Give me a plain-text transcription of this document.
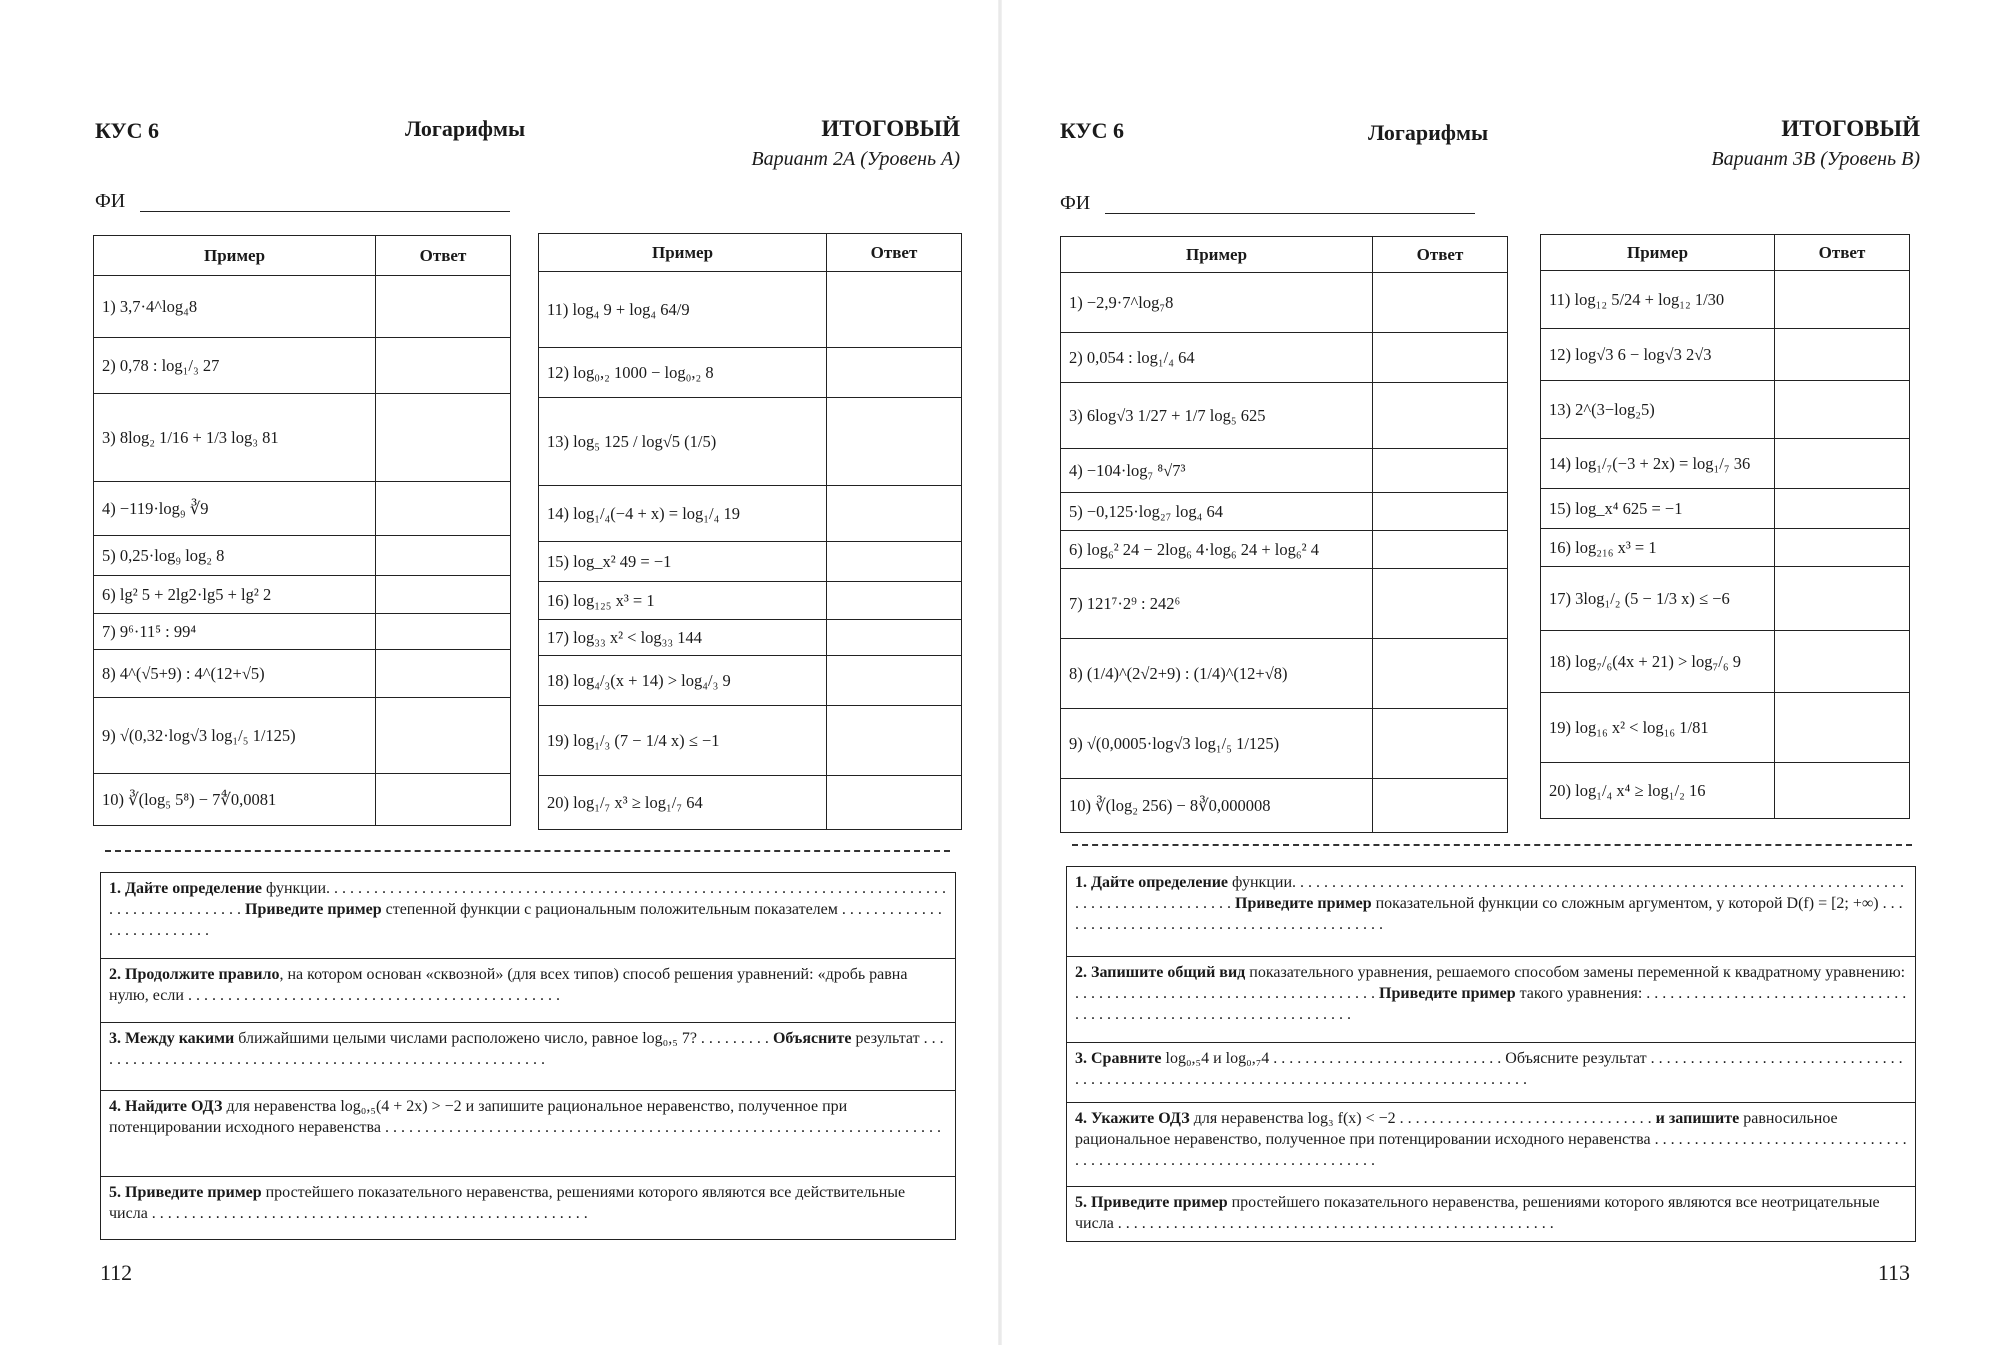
КУС 6	Логарифмы	ИТОГОВЫЙ
Вариант 2А (Уровень А)
ФИ
Пример	Ответ
1) 3,7·4^log₄8	
2) 0,78 : log₁/₃ 27	
3) 8log₂ 1/16 + 1/3 log₃ 81	
4) −119·log₉ ∛9	
5) 0,25·log₉ log₂ 8	
6) lg² 5 + 2lg2·lg5 + lg² 2	
7) 9⁶·11⁵ : 99⁴	
8) 4^(√5+9) : 4^(12+√5)	
9) √(0,32·log√3 log₁/₅ 1/125)	
10) ∛(log₅ 5⁸) − 7∜0,0081	
Пример	Ответ
11) log₄ 9 + log₄ 64/9	
12) log₀,₂ 1000 − log₀,₂ 8	
13) log₅ 125 / log√5 (1/5)	
14) log₁/₄(−4 + x) = log₁/₄ 19	
15) log_x² 49 = −1	
16) log₁₂₅ x³ = 1	
17) log₃₃ x² < log₃₃ 144	
18) log₄/₃(x + 14) > log₄/₃ 9	
19) log₁/₃ (7 − 1/4 x) ≤ −1	
20) log₁/₇ x³ ≥ log₁/₇ 64	
1. Дайте определение функции. . . . . . . . . . . . . . . . . . . . . . . . . . . . . . . . . . . . . . . . . . . . . . . . . . . . . . . . . . . . . . . . . . . . . . . . . . . . . . . . . . . . . . . . . . . . . . . Приведите пример степенной функции с рациональным положительным показателем . . . . . . . . . . . . . . . . . . . . . . . . . .
2. Продолжите правило, на котором основан «сквозной» (для всех типов) способ решения уравнений: «дробь равна нулю, если . . . . . . . . . . . . . . . . . . . . . . . . . . . . . . . . . . . . . . . . . . . . . . .
3. Между какими ближайшими целыми числами расположено число, равное log₀,₅ 7? . . . . . . . . . Объясните результат . . . . . . . . . . . . . . . . . . . . . . . . . . . . . . . . . . . . . . . . . . . . . . . . . . . . . . . . . .
4. Найдите ОДЗ для неравенства log₀,₅(4 + 2x) > −2 и запишите рациональное неравенство, полученное при потенцировании исходного неравенства . . . . . . . . . . . . . . . . . . . . . . . . . . . . . . . . . . . . . . . . . . . . . . . . . . . . . . . . . . . . . . . . . . . . . .
5. Приведите пример простейшего показательного неравенства, решениями которого являются все действительные числа . . . . . . . . . . . . . . . . . . . . . . . . . . . . . . . . . . . . . . . . . . . . . . . . . . . . . . .
112
КУС 6	Логарифмы	ИТОГОВЫЙ
Вариант 3В (Уровень В)
ФИ
Пример	Ответ
1) −2,9·7^log₇8	
2) 0,054 : log₁/₄ 64	
3) 6log√3 1/27 + 1/7 log₅ 625	
4) −104·log₇ ⁸√7³	
5) −0,125·log₂₇ log₄ 64	
6) log₆² 24 − 2log₆ 4·log₆ 24 + log₆² 4	
7) 121⁷·2⁹ : 242⁶	
8) (1/4)^(2√2+9) : (1/4)^(12+√8)	
9) √(0,0005·log√3 log₁/₅ 1/125)	
10) ∛(log₂ 256) − 8∛0,000008	
Пример	Ответ
11) log₁₂ 5/24 + log₁₂ 1/30	
12) log√3 6 − log√3 2√3	
13) 2^(3−log₂5)	
14) log₁/₇(−3 + 2x) = log₁/₇ 36	
15) log_x⁴ 625 = −1	
16) log₂₁₆ x³ = 1	
17) 3log₁/₂ (5 − 1/3 x) ≤ −6	
18) log₇/₆(4x + 21) > log₇/₆ 9	
19) log₁₆ x² < log₁₆ 1/81	
20) log₁/₄ x⁴ ≥ log₁/₂ 16	
1. Дайте определение функции. . . . . . . . . . . . . . . . . . . . . . . . . . . . . . . . . . . . . . . . . . . . . . . . . . . . . . . . . . . . . . . . . . . . . . . . . . . . . . . . . . . . . . . . . . . . . . . . . Приведите пример показательной функции со сложным аргументом, у которой D(f) = [2; +∞) . . . . . . . . . . . . . . . . . . . . . . . . . . . . . . . . . . . . . . . . . .
2. Запишите общий вид показательного уравнения, решаемого способом замены переменной к квадратному уравнению: . . . . . . . . . . . . . . . . . . . . . . . . . . . . . . . . . . . . . . Приведите пример такого уравнения: . . . . . . . . . . . . . . . . . . . . . . . . . . . . . . . . . . . . . . . . . . . . . . . . . . . . . . . . . . . . . . . . . . . .
3. Сравните log₀,₅4 и log₀,₇4 . . . . . . . . . . . . . . . . . . . . . . . . . . . . . Объясните результат . . . . . . . . . . . . . . . . . . . . . . . . . . . . . . . . . . . . . . . . . . . . . . . . . . . . . . . . . . . . . . . . . . . . . . . . . . . . . . . . . . . . . . . . .
4. Укажите ОДЗ для неравенства log₃ f(x) < −2 . . . . . . . . . . . . . . . . . . . . . . . . . . . . . . . . и запишите равносильное рациональное неравенство, полученное при потенцировании исходного неравенства . . . . . . . . . . . . . . . . . . . . . . . . . . . . . . . . . . . . . . . . . . . . . . . . . . . . . . . . . . . . . . . . . . . . . .
5. Приведите пример простейшего показательного неравенства, решениями которого являются все неотрицательные числа . . . . . . . . . . . . . . . . . . . . . . . . . . . . . . . . . . . . . . . . . . . . . . . . . . . . . . .
113
